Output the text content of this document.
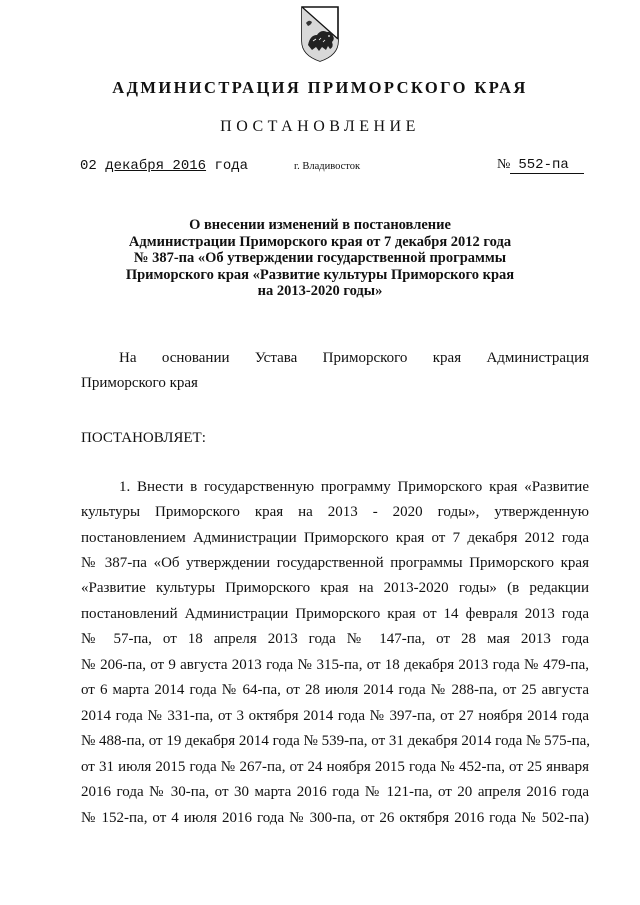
АДМИНИСТРАЦИЯ ПРИМОРСКОГО КРАЯ
ПОСТАНОВЛЕНИЕ
02 декабря 2016 года	г. Владивосток	№ 552-па
О внесении изменений в постановление
Администрации Приморского края от 7 декабря 2012 года
№ 387-па «Об утверждении государственной программы
Приморского края «Развитие культуры Приморского края
на 2013-2020 годы»
На основании Устава Приморского края Администрация
Приморского края
ПОСТАНОВЛЯЕТ:
1. Внести в государственную программу Приморского края «Развитие
культуры Приморского края на 2013 - 2020 годы», утвержденную
постановлением Администрации Приморского края от 7 декабря 2012 года
№ 387-па «Об утверждении государственной программы Приморского края
«Развитие культуры Приморского края на 2013-2020 годы» (в редакции
постановлений Администрации Приморского края от 14 февраля 2013 года
№ 57-па, от 18 апреля 2013 года № 147-па, от 28 мая 2013 года
№ 206-па, от 9 августа 2013 года № 315-па, от 18 декабря 2013 года № 479-па,
от 6 марта 2014 года № 64-па, от 28 июля 2014 года № 288-па, от 25 августа
2014 года № 331-па, от 3 октября 2014 года № 397-па, от 27 ноября 2014 года
№ 488-па, от 19 декабря 2014 года № 539-па, от 31 декабря 2014 года № 575-па,
от 31 июля 2015 года № 267-па, от 24 ноября 2015 года № 452-па, от 25 января
2016 года № 30-па, от 30 марта 2016 года № 121-па, от 20 апреля 2016 года
№ 152-па, от 4 июля 2016 года № 300-па, от 26 октября 2016 года № 502-па)
